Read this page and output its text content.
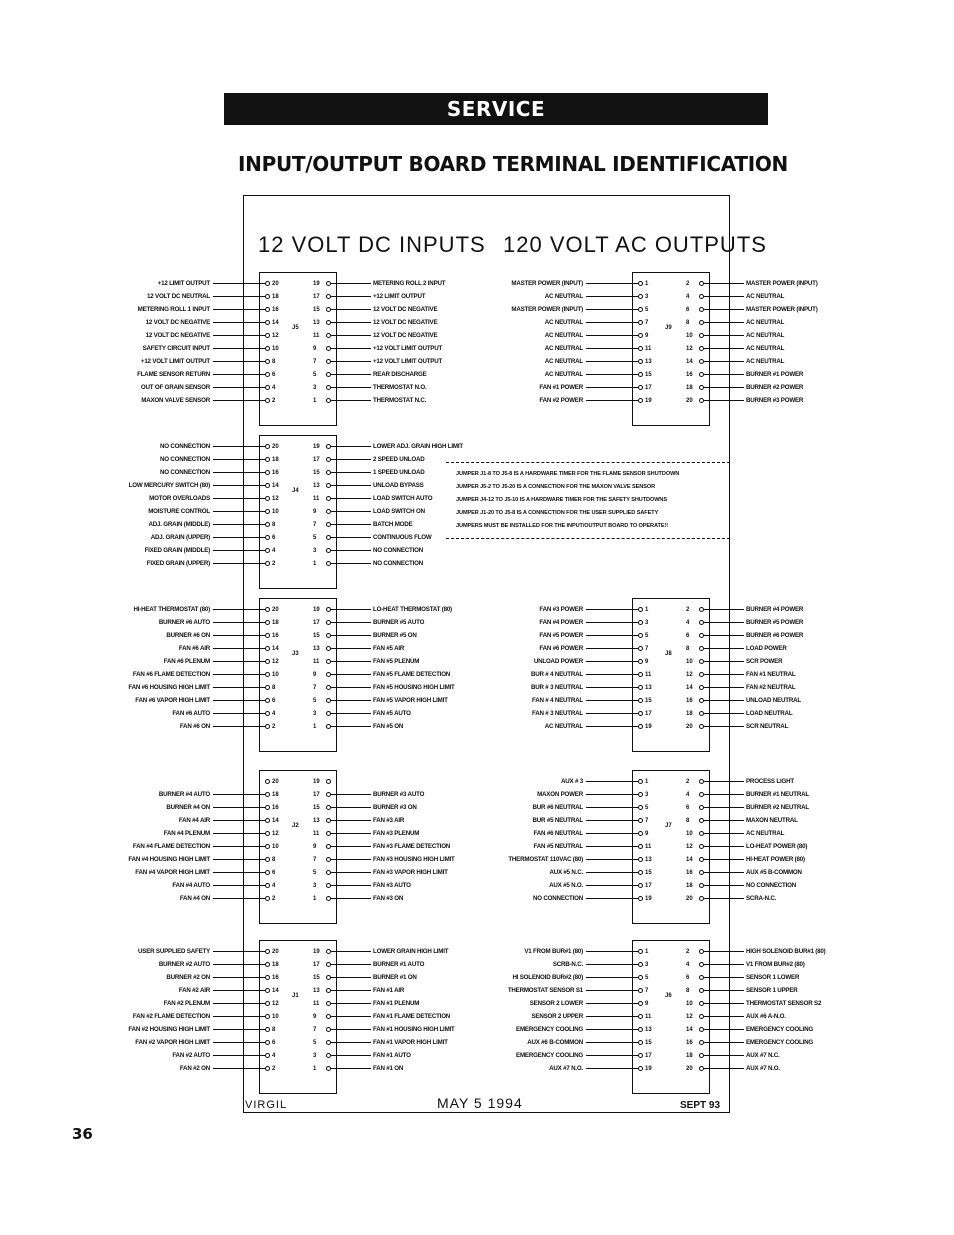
SERVICE
INPUT/OUTPUT BOARD TERMINAL IDENTIFICATION
12 VOLT DC INPUTS 120 VOLT AC OUTPUTS
JUMPER J1-8 TO J5-8 IS A HARDWARE TIMER FOR THE FLAME SENSOR SHUTDOWN
JUMPER J5-2 TO J5-20 IS A CONNECTION FOR THE MAXON VALVE SENSOR
JUMPER J4-12 TO J5-10 IS A HARDWARE TIMER FOR THE SAFETY SHUTDOWNS
JUMPER J1-20 TO J5-8 IS A CONNECTION FOR THE USER SUPPLIED SAFETY
JUMPERS MUST BE INSTALLED FOR THE INPUT/OUTPUT BOARD TO OPERATE!!
VIRGIL	MAY 5 1994	SEPT 93
36
J5
+12 LIMIT OUTPUT	20
12 VOLT DC NEUTRAL	18
METERING ROLL 1 INPUT	16
12 VOLT DC NEGATIVE	14
12 VOLT DC NEGATIVE	12
SAFETY CIRCUIT INPUT	10
+12 VOLT LIMIT OUTPUT	8
FLAME SENSOR RETURN	6
OUT OF GRAIN SENSOR	4
MAXON VALVE SENSOR	2
19	METERING ROLL 2 INPUT
17	+12 LIMIT OUTPUT
15	12 VOLT DC NEGATIVE
13	12 VOLT DC NEGATIVE
11	12 VOLT DC NEGATIVE
9	+12 VOLT LIMIT OUTPUT
7	+12 VOLT LIMIT OUTPUT
5	REAR DISCHARGE
3	THERMOSTAT N.O.
1	THERMOSTAT N.C.
J4
NO CONNECTION	20
NO CONNECTION	18
NO CONNECTION	16
LOW MERCURY SWITCH (80)	14
MOTOR OVERLOADS	12
MOISTURE CONTROL	10
ADJ. GRAIN (MIDDLE)	8
ADJ. GRAIN (UPPER)	6
FIXED GRAIN (MIDDLE)	4
FIXED GRAIN (UPPER)	2
19	LOWER ADJ. GRAIN HIGH LIMIT
17	2 SPEED UNLOAD
15	1 SPEED UNLOAD
13	UNLOAD BYPASS
11	LOAD SWITCH AUTO
9	LOAD SWITCH ON
7	BATCH MODE
5	CONTINUOUS FLOW
3	NO CONNECTION
1	NO CONNECTION
J3
HI-HEAT THERMOSTAT (80)	20
BURNER #6 AUTO	18
BURNER #6 ON	16
FAN #6 AIR	14
FAN #6 PLENUM	12
FAN #6 FLAME DETECTION	10
FAN #6 HOUSING HIGH LIMIT	8
FAN #6 VAPOR HIGH LIMIT	6
FAN #6 AUTO	4
FAN #6 ON	2
19	LO-HEAT THERMOSTAT (80)
17	BURNER #5 AUTO
15	BURNER #5 ON
13	FAN #5 AIR
11	FAN #5 PLENUM
9	FAN #5 FLAME DETECTION
7	FAN #5 HOUSING HIGH LIMIT
5	FAN #5 VAPOR HIGH LIMIT
3	FAN #5 AUTO
1	FAN #5 ON
J2
20
BURNER #4 AUTO	18
BURNER #4 ON	16
FAN #4 AIR	14
FAN #4 PLENUM	12
FAN #4 FLAME DETECTION	10
FAN #4 HOUSING HIGH LIMIT	8
FAN #4 VAPOR HIGH LIMIT	6
FAN #4 AUTO	4
FAN #4 ON	2
19
17	BURNER #3 AUTO
15	BURNER #3 ON
13	FAN #3 AIR
11	FAN #3 PLENUM
9	FAN #3 FLAME DETECTION
7	FAN #3 HOUSING HIGH LIMIT
5	FAN #3 VAPOR HIGH LIMIT
3	FAN #3 AUTO
1	FAN #3 ON
J1
USER SUPPLIED SAFETY	20
BURNER #2 AUTO	18
BURNER #2 ON	16
FAN #2 AIR	14
FAN #2 PLENUM	12
FAN #2 FLAME DETECTION	10
FAN #2 HOUSING HIGH LIMIT	8
FAN #2 VAPOR HIGH LIMIT	6
FAN #2 AUTO	4
FAN #2 ON	2
19	LOWER GRAIN HIGH LIMIT
17	BURNER #1 AUTO
15	BURNER #1 ON
13	FAN #1 AIR
11	FAN #1 PLENUM
9	FAN #1 FLAME DETECTION
7	FAN #1 HOUSING HIGH LIMIT
5	FAN #1 VAPOR HIGH LIMIT
3	FAN #1 AUTO
1	FAN #1 ON
J9
MASTER POWER (INPUT)	1
AC NEUTRAL	3
MASTER POWER (INPUT)	5
AC NEUTRAL	7
AC NEUTRAL	9
AC NEUTRAL	11
AC NEUTRAL	13
AC NEUTRAL	15
FAN #1 POWER	17
FAN #2 POWER	19
2	MASTER POWER (INPUT)
4	AC NEUTRAL
6	MASTER POWER (INPUT)
8	AC NEUTRAL
10	AC NEUTRAL
12	AC NEUTRAL
14	AC NEUTRAL
16	BURNER #1 POWER
18	BURNER #2 POWER
20	BURNER #3 POWER
J8
FAN #3 POWER	1
FAN #4 POWER	3
FAN #5 POWER	5
FAN #6 POWER	7
UNLOAD POWER	9
BUR # 4 NEUTRAL	11
BUR # 3 NEUTRAL	13
FAN # 4 NEUTRAL	15
FAN # 3 NEUTRAL	17
AC NEUTRAL	19
2	BURNER #4 POWER
4	BURNER #5 POWER
6	BURNER #6 POWER
8	LOAD POWER
10	SCR POWER
12	FAN #1 NEUTRAL
14	FAN #2 NEUTRAL
16	UNLOAD NEUTRAL
18	LOAD NEUTRAL
20	SCR NEUTRAL
J7
AUX # 3	1
MAXON POWER	3
BUR #6 NEUTRAL	5
BUR #5 NEUTRAL	7
FAN #6 NEUTRAL	9
FAN #5 NEUTRAL	11
THERMOSTAT 110VAC (80)	13
AUX #5 N.C.	15
AUX #5 N.O.	17
NO CONNECTION	19
2	PROCESS LIGHT
4	BURNER #1 NEUTRAL
6	BURNER #2 NEUTRAL
8	MAXON NEUTRAL
10	AC NEUTRAL
12	LO-HEAT POWER (80)
14	HI-HEAT POWER (80)
16	AUX #5 B-COMMON
18	NO CONNECTION
20	SCRA-N.C.
J6
V1 FROM BUR#1 (80)	1
SCRB-N.C.	3
HI SOLENOID BUR#2 (80)	5
THERMOSTAT SENSOR S1	7
SENSOR 2 LOWER	9
SENSOR 2 UPPER	11
EMERGENCY COOLING	13
AUX #6 B-COMMON	15
EMERGENCY COOLING	17
AUX #7 N.O.	19
2	HIGH SOLENOID BUR#1 (80)
4	V1 FROM BUR#2 (80)
6	SENSOR 1 LOWER
8	SENSOR 1 UPPER
10	THERMOSTAT SENSOR S2
12	AUX #6 A-N.O.
14	EMERGENCY COOLING
16	EMERGENCY COOLING
18	AUX #7 N.C.
20	AUX #7 N.O.
